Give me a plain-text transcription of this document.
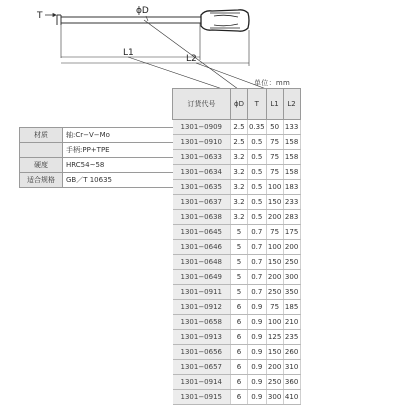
T	ϕD
L1
L2
单位：mm
材质	轴:Cr−V−Mo
	手柄:PP+TPE
硬度	HRC54~58
适合规格	GB／T 10635
订货代号	ϕD	T	L1	L2
1301−0909	2.5	0.35	50	133
1301−0910	2.5	0.5	75	158
1301−0633	3.2	0.5	75	158
1301−0634	3.2	0.5	75	158
1301−0635	3.2	0.5	100	183
1301−0637	3.2	0.5	150	233
1301−0638	3.2	0.5	200	283
1301−0645	5	0.7	75	175
1301−0646	5	0.7	100	200
1301−0648	5	0.7	150	250
1301−0649	5	0.7	200	300
1301−0911	5	0.7	250	350
1301−0912	6	0.9	75	185
1301−0658	6	0.9	100	210
1301−0913	6	0.9	125	235
1301−0656	6	0.9	150	260
1301−0657	6	0.9	200	310
1301−0914	6	0.9	250	360
1301−0915	6	0.9	300	410
